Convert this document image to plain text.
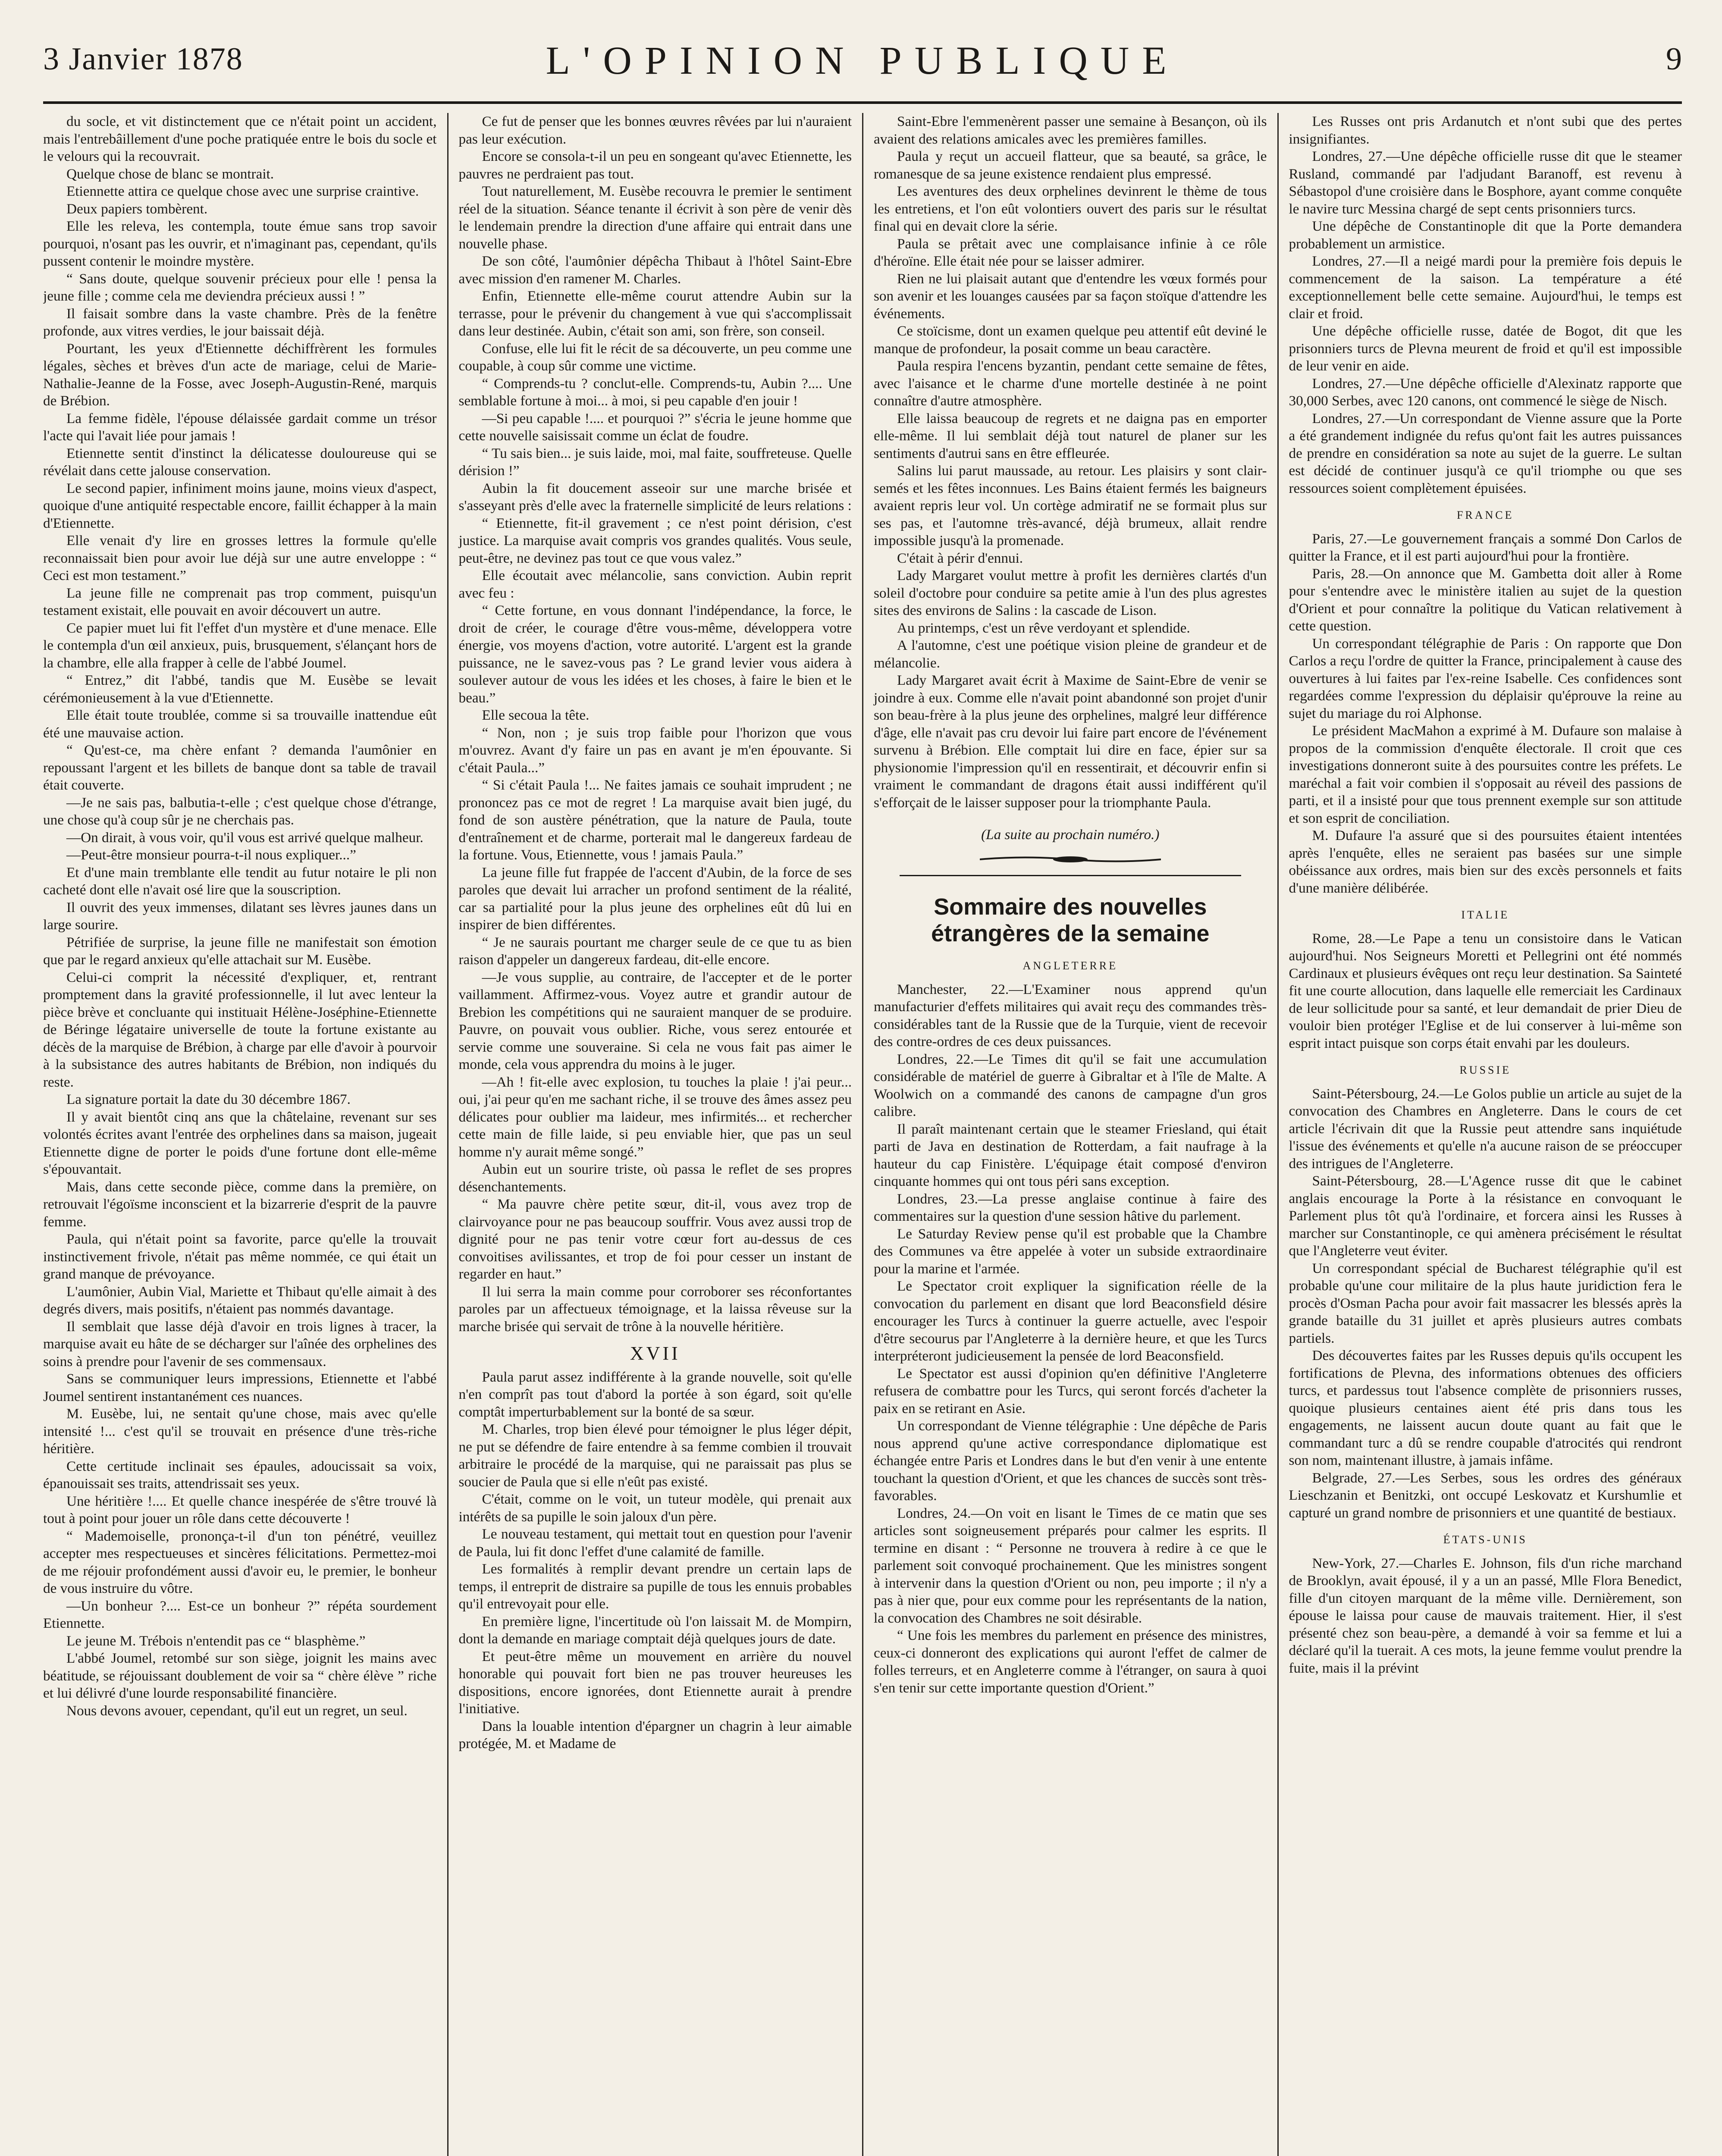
3 Janvier 1878	L'OPINION PUBLIQUE	9

du socle, et vit distinctement que ce n'était point un accident, mais l'entrebâillement d'une poche pratiquée entre le bois du socle et le velours qui la recouvrait.

Quelque chose de blanc se montrait.

Etiennette attira ce quelque chose avec une surprise craintive.

Deux papiers tombèrent.

Elle les releva, les contempla, toute émue sans trop savoir pourquoi, n'osant pas les ouvrir, et n'imaginant pas, cependant, qu'ils pussent contenir le moindre mystère.

“ Sans doute, quelque souvenir précieux pour elle ! pensa la jeune fille ; comme cela me deviendra précieux aussi ! ”

Il faisait sombre dans la vaste chambre. Près de la fenêtre profonde, aux vitres verdies, le jour baissait déjà.

Pourtant, les yeux d'Etiennette déchiffrèrent les formules légales, sèches et brèves d'un acte de mariage, celui de Marie-Nathalie-Jeanne de la Fosse, avec Joseph-Augustin-René, marquis de Brébion.

La femme fidèle, l'épouse délaissée gardait comme un trésor l'acte qui l'avait liée pour jamais !

Etiennette sentit d'instinct la délicatesse douloureuse qui se révélait dans cette jalouse conservation.

Le second papier, infiniment moins jaune, moins vieux d'aspect, quoique d'une antiquité respectable encore, faillit échapper à la main d'Etiennette.

Elle venait d'y lire en grosses lettres la formule qu'elle reconnaissait bien pour avoir lue déjà sur une autre enveloppe : “ Ceci est mon testament.”

La jeune fille ne comprenait pas trop comment, puisqu'un testament existait, elle pouvait en avoir découvert un autre.

Ce papier muet lui fit l'effet d'un mystère et d'une menace. Elle le contempla d'un œil anxieux, puis, brusquement, s'élançant hors de la chambre, elle alla frapper à celle de l'abbé Joumel.

“ Entrez,” dit l'abbé, tandis que M. Eusèbe se levait cérémonieusement à la vue d'Etiennette.

Elle était toute troublée, comme si sa trouvaille inattendue eût été une mauvaise action.

“ Qu'est-ce, ma chère enfant ? demanda l'aumônier en repoussant l'argent et les billets de banque dont sa table de travail était couverte.

—Je ne sais pas, balbutia-t-elle ; c'est quelque chose d'étrange, une chose qu'à coup sûr je ne cherchais pas.

—On dirait, à vous voir, qu'il vous est arrivé quelque malheur.

—Peut-être monsieur pourra-t-il nous expliquer...”

Et d'une main tremblante elle tendit au futur notaire le pli non cacheté dont elle n'avait osé lire que la souscription.

Il ouvrit des yeux immenses, dilatant ses lèvres jaunes dans un large sourire.

Pétrifiée de surprise, la jeune fille ne manifestait son émotion que par le regard anxieux qu'elle attachait sur M. Eusèbe.

Celui-ci comprit la nécessité d'expliquer, et, rentrant promptement dans la gravité professionnelle, il lut avec lenteur la pièce brève et concluante qui instituait Hélène-Joséphine-Etiennette de Béringe légataire universelle de toute la fortune existante au décès de la marquise de Brébion, à charge par elle d'avoir à pourvoir à la subsistance des autres habitants de Brébion, non indiqués du reste.

La signature portait la date du 30 décembre 1867.

Il y avait bientôt cinq ans que la châtelaine, revenant sur ses volontés écrites avant l'entrée des orphelines dans sa maison, jugeait Etiennette digne de porter le poids d'une fortune dont elle-même s'épouvantait.

Mais, dans cette seconde pièce, comme dans la première, on retrouvait l'égoïsme inconscient et la bizarrerie d'esprit de la pauvre femme.

Paula, qui n'était point sa favorite, parce qu'elle la trouvait instinctivement frivole, n'était pas même nommée, ce qui était un grand manque de prévoyance.

L'aumônier, Aubin Vial, Mariette et Thibaut qu'elle aimait à des degrés divers, mais positifs, n'étaient pas nommés davantage.

Il semblait que lasse déjà d'avoir en trois lignes à tracer, la marquise avait eu hâte de se décharger sur l'aînée des orphelines des soins à prendre pour l'avenir de ses commensaux.

Sans se communiquer leurs impressions, Etiennette et l'abbé Joumel sentirent instantanément ces nuances.

M. Eusèbe, lui, ne sentait qu'une chose, mais avec qu'elle intensité !... c'est qu'il se trouvait en présence d'une très-riche héritière.

Cette certitude inclinait ses épaules, adoucissait sa voix, épanouissait ses traits, attendrissait ses yeux.

Une héritière !.... Et quelle chance inespérée de s'être trouvé là tout à point pour jouer un rôle dans cette découverte !

“ Mademoiselle, prononça-t-il d'un ton pénétré, veuillez accepter mes respectueuses et sincères félicitations. Permettez-moi de me réjouir profondément aussi d'avoir eu, le premier, le bonheur de vous instruire du vôtre.

—Un bonheur ?.... Est-ce un bonheur ?” répéta sourdement Etiennette.

Le jeune M. Trébois n'entendit pas ce “ blasphème.”

L'abbé Joumel, retombé sur son siège, joignit les mains avec béatitude, se réjouissant doublement de voir sa “ chère élève ” riche et lui délivré d'une lourde responsabilité financière.

Nous devons avouer, cependant, qu'il eut un regret, un seul.

Ce fut de penser que les bonnes œuvres rêvées par lui n'auraient pas leur exécution.

Encore se consola-t-il un peu en songeant qu'avec Etiennette, les pauvres ne perdraient pas tout.

Tout naturellement, M. Eusèbe recouvra le premier le sentiment réel de la situation. Séance tenante il écrivit à son père de venir dès le lendemain prendre la direction d'une affaire qui entrait dans une nouvelle phase.

De son côté, l'aumônier dépêcha Thibaut à l'hôtel Saint-Ebre avec mission d'en ramener M. Charles.

Enfin, Etiennette elle-même courut attendre Aubin sur la terrasse, pour le prévenir du changement à vue qui s'accomplissait dans leur destinée. Aubin, c'était son ami, son frère, son conseil.

Confuse, elle lui fit le récit de sa découverte, un peu comme une coupable, à coup sûr comme une victime.

“ Comprends-tu ? conclut-elle. Comprends-tu, Aubin ?.... Une semblable fortune à moi... à moi, si peu capable d'en jouir !

—Si peu capable !.... et pourquoi ?” s'écria le jeune homme que cette nouvelle saisissait comme un éclat de foudre.

“ Tu sais bien... je suis laide, moi, mal faite, souffreteuse. Quelle dérision !”

Aubin la fit doucement asseoir sur une marche brisée et s'asseyant près d'elle avec la fraternelle simplicité de leurs relations :

“ Etiennette, fit-il gravement ; ce n'est point dérision, c'est justice. La marquise avait compris vos grandes qualités. Vous seule, peut-être, ne devinez pas tout ce que vous valez.”

Elle écoutait avec mélancolie, sans conviction. Aubin reprit avec feu :

“ Cette fortune, en vous donnant l'indépendance, la force, le droit de créer, le courage d'être vous-même, développera votre énergie, vos moyens d'action, votre autorité. L'argent est la grande puissance, ne le savez-vous pas ? Le grand levier vous aidera à soulever autour de vous les idées et les choses, à faire le bien et le beau.”

Elle secoua la tête.

“ Non, non ; je suis trop faible pour l'horizon que vous m'ouvrez. Avant d'y faire un pas en avant je m'en épouvante. Si c'était Paula...”

“ Si c'était Paula !... Ne faites jamais ce souhait imprudent ; ne prononcez pas ce mot de regret ! La marquise avait bien jugé, du fond de son austère pénétration, que la nature de Paula, toute d'entraînement et de charme, porterait mal le dangereux fardeau de la fortune. Vous, Etiennette, vous ! jamais Paula.”

La jeune fille fut frappée de l'accent d'Aubin, de la force de ses paroles que devait lui arracher un profond sentiment de la réalité, car sa partialité pour la plus jeune des orphelines eût dû lui en inspirer de bien différentes.

“ Je ne saurais pourtant me charger seule de ce que tu as bien raison d'appeler un dangereux fardeau, dit-elle encore.

—Je vous supplie, au contraire, de l'accepter et de le porter vaillamment. Affirmez-vous. Voyez autre et grandir autour de Brebion les compétitions qui ne sauraient manquer de se produire. Pauvre, on pouvait vous oublier. Riche, vous serez entourée et servie comme une souveraine. Si cela ne vous fait pas aimer le monde, cela vous apprendra du moins à le juger.

—Ah ! fit-elle avec explosion, tu touches la plaie ! j'ai peur... oui, j'ai peur qu'en me sachant riche, il se trouve des âmes assez peu délicates pour oublier ma laideur, mes infirmités... et rechercher cette main de fille laide, si peu enviable hier, que pas un seul homme n'y aurait même songé.”

Aubin eut un sourire triste, où passa le reflet de ses propres désenchantements.

“ Ma pauvre chère petite sœur, dit-il, vous avez trop de clairvoyance pour ne pas beaucoup souffrir. Vous avez aussi trop de dignité pour ne pas tenir votre cœur fort au-dessus de ces convoitises avilissantes, et trop de foi pour cesser un instant de regarder en haut.”

Il lui serra la main comme pour corroborer ses réconfortantes paroles par un affectueux témoignage, et la laissa rêveuse sur la marche brisée qui servait de trône à la nouvelle héritière.

XVII

Paula parut assez indifférente à la grande nouvelle, soit qu'elle n'en comprît pas tout d'abord la portée à son égard, soit qu'elle comptât imperturbablement sur la bonté de sa sœur.

M. Charles, trop bien élevé pour témoigner le plus léger dépit, ne put se défendre de faire entendre à sa femme combien il trouvait arbitraire le procédé de la marquise, qui ne paraissait pas plus se soucier de Paula que si elle n'eût pas existé.

C'était, comme on le voit, un tuteur modèle, qui prenait aux intérêts de sa pupille le soin jaloux d'un père.

Le nouveau testament, qui mettait tout en question pour l'avenir de Paula, lui fit donc l'effet d'une calamité de famille.

Les formalités à remplir devant prendre un certain laps de temps, il entreprit de distraire sa pupille de tous les ennuis probables qu'il entrevoyait pour elle.

En première ligne, l'incertitude où l'on laissait M. de Mompirn, dont la demande en mariage comptait déjà quelques jours de date.

Et peut-être même un mouvement en arrière du nouvel honorable qui pouvait fort bien ne pas trouver heureuses les dispositions, encore ignorées, dont Etiennette aurait à prendre l'initiative.

Dans la louable intention d'épargner un chagrin à leur aimable protégée, M. et Madame de

Saint-Ebre l'emmenèrent passer une semaine à Besançon, où ils avaient des relations amicales avec les premières familles.

Paula y reçut un accueil flatteur, que sa beauté, sa grâce, le romanesque de sa jeune existence rendaient plus empressé.

Les aventures des deux orphelines devinrent le thème de tous les entretiens, et l'on eût volontiers ouvert des paris sur le résultat final qui en devait clore la série.

Paula se prêtait avec une complaisance infinie à ce rôle d'héroïne. Elle était née pour se laisser admirer.

Rien ne lui plaisait autant que d'entendre les vœux formés pour son avenir et les louanges causées par sa façon stoïque d'attendre les événements.

Ce stoïcisme, dont un examen quelque peu attentif eût deviné le manque de profondeur, la posait comme un beau caractère.

Paula respira l'encens byzantin, pendant cette semaine de fêtes, avec l'aisance et le charme d'une mortelle destinée à ne point connaître d'autre atmosphère.

Elle laissa beaucoup de regrets et ne daigna pas en emporter elle-même. Il lui semblait déjà tout naturel de planer sur les sentiments d'autrui sans en être effleurée.

Salins lui parut maussade, au retour. Les plaisirs y sont clair-semés et les fêtes inconnues. Les Bains étaient fermés les baigneurs avaient repris leur vol. Un cortège admiratif ne se formait plus sur ses pas, et l'automne très-avancé, déjà brumeux, allait rendre impossible jusqu'à la promenade.

C'était à périr d'ennui.

Lady Margaret voulut mettre à profit les dernières clartés d'un soleil d'octobre pour conduire sa petite amie à l'un des plus agrestes sites des environs de Salins : la cascade de Lison.

Au printemps, c'est un rêve verdoyant et splendide.

A l'automne, c'est une poétique vision pleine de grandeur et de mélancolie.

Lady Margaret avait écrit à Maxime de Saint-Ebre de venir se joindre à eux. Comme elle n'avait point abandonné son projet d'unir son beau-frère à la plus jeune des orphelines, malgré leur différence d'âge, elle n'avait pas cru devoir lui faire part encore de l'événement survenu à Brébion. Elle comptait lui dire en face, épier sur sa physionomie l'impression qu'il en ressentirait, et découvrir enfin si vraiment le commandant de dragons était aussi indifférent qu'il s'efforçait de le laisser supposer pour la triomphante Paula.

(La suite au prochain numéro.)
Sommaire des nouvelles étrangères de la semaine
ANGLETERRE

Manchester, 22.—L'Examiner nous apprend qu'un manufacturier d'effets militaires qui avait reçu des commandes très-considérables tant de la Russie que de la Turquie, vient de recevoir des contre-ordres de ces deux puissances.

Londres, 22.—Le Times dit qu'il se fait une accumulation considérable de matériel de guerre à Gibraltar et à l'île de Malte. A Woolwich on a commandé des canons de campagne d'un gros calibre.

Il paraît maintenant certain que le steamer Friesland, qui était parti de Java en destination de Rotterdam, a fait naufrage à la hauteur du cap Finistère. L'équipage était composé d'environ cinquante hommes qui ont tous péri sans exception.

Londres, 23.—La presse anglaise continue à faire des commentaires sur la question d'une session hâtive du parlement.

Le Saturday Review pense qu'il est probable que la Chambre des Communes va être appelée à voter un subside extraordinaire pour la marine et l'armée.

Le Spectator croit expliquer la signification réelle de la convocation du parlement en disant que lord Beaconsfield désire encourager les Turcs à continuer la guerre actuelle, avec l'espoir d'être secourus par l'Angleterre à la dernière heure, et que les Turcs interpréteront judicieusement la pensée de lord Beaconsfield.

Le Spectator est aussi d'opinion qu'en définitive l'Angleterre refusera de combattre pour les Turcs, qui seront forcés d'acheter la paix en se retirant en Asie.

Un correspondant de Vienne télégraphie : Une dépêche de Paris nous apprend qu'une active correspondance diplomatique est échangée entre Paris et Londres dans le but d'en venir à une entente touchant la question d'Orient, et que les chances de succès sont très-favorables.

Londres, 24.—On voit en lisant le Times de ce matin que ses articles sont soigneusement préparés pour calmer les esprits. Il termine en disant : “ Personne ne trouvera à redire à ce que le parlement soit convoqué prochainement. Que les ministres songent à intervenir dans la question d'Orient ou non, peu importe ; il n'y a pas à nier que, pour eux comme pour les représentants de la nation, la convocation des Chambres ne soit désirable.

“ Une fois les membres du parlement en présence des ministres, ceux-ci donneront des explications qui auront l'effet de calmer de folles terreurs, et en Angleterre comme à l'étranger, on saura à quoi s'en tenir sur cette importante question d'Orient.”

Les Russes ont pris Ardanutch et n'ont subi que des pertes insignifiantes.

Londres, 27.—Une dépêche officielle russe dit que le steamer Rusland, commandé par l'adjudant Baranoff, est revenu à Sébastopol d'une croisière dans le Bosphore, ayant comme conquête le navire turc Messina chargé de sept cents prisonniers turcs.

Une dépêche de Constantinople dit que la Porte demandera probablement un armistice.

Londres, 27.—Il a neigé mardi pour la première fois depuis le commencement de la saison. La température a été exceptionnellement belle cette semaine. Aujourd'hui, le temps est clair et froid.

Une dépêche officielle russe, datée de Bogot, dit que les prisonniers turcs de Plevna meurent de froid et qu'il est impossible de leur venir en aide.

Londres, 27.—Une dépêche officielle d'Alexinatz rapporte que 30,000 Serbes, avec 120 canons, ont commencé le siège de Nisch.

Londres, 27.—Un correspondant de Vienne assure que la Porte a été grandement indignée du refus qu'ont fait les autres puissances de prendre en considération sa note au sujet de la guerre. Le sultan est décidé de continuer jusqu'à ce qu'il triomphe ou que ses ressources soient complètement épuisées.

FRANCE

Paris, 27.—Le gouvernement français a sommé Don Carlos de quitter la France, et il est parti aujourd'hui pour la frontière.

Paris, 28.—On annonce que M. Gambetta doit aller à Rome pour s'entendre avec le ministère italien au sujet de la question d'Orient et pour connaître la politique du Vatican relativement à cette question.

Un correspondant télégraphie de Paris : On rapporte que Don Carlos a reçu l'ordre de quitter la France, principalement à cause des ouvertures à lui faites par l'ex-reine Isabelle. Ces confidences sont regardées comme l'expression du déplaisir qu'éprouve la reine au sujet du mariage du roi Alphonse.

Le président MacMahon a exprimé à M. Dufaure son malaise à propos de la commission d'enquête électorale. Il croit que ces investigations donneront suite à des poursuites contre les préfets. Le maréchal a fait voir combien il s'opposait au réveil des passions de parti, et il a insisté pour que tous prennent exemple sur son attitude et son esprit de conciliation.

M. Dufaure l'a assuré que si des poursuites étaient intentées après l'enquête, elles ne seraient pas basées sur une simple obéissance aux ordres, mais bien sur des excès personnels et faits d'une manière délibérée.

ITALIE

Rome, 28.—Le Pape a tenu un consistoire dans le Vatican aujourd'hui. Nos Seigneurs Moretti et Pellegrini ont été nommés Cardinaux et plusieurs évêques ont reçu leur destination. Sa Sainteté fit une courte allocution, dans laquelle elle remerciait les Cardinaux de leur sollicitude pour sa santé, et leur demandait de prier Dieu de vouloir bien protéger l'Eglise et de lui conserver à lui-même son esprit intact puisque son corps était envahi par les douleurs.

RUSSIE

Saint-Pétersbourg, 24.—Le Golos publie un article au sujet de la convocation des Chambres en Angleterre. Dans le cours de cet article l'écrivain dit que la Russie peut attendre sans inquiétude l'issue des événements et qu'elle n'a aucune raison de se préoccuper des intrigues de l'Angleterre.

Saint-Pétersbourg, 28.—L'Agence russe dit que le cabinet anglais encourage la Porte à la résistance en convoquant le Parlement plus tôt qu'à l'ordinaire, et forcera ainsi les Russes à marcher sur Constantinople, ce qui amènera précisément le résultat que l'Angleterre veut éviter.

Un correspondant spécial de Bucharest télégraphie qu'il est probable qu'une cour militaire de la plus haute juridiction fera le procès d'Osman Pacha pour avoir fait massacrer les blessés après la grande bataille du 31 juillet et après plusieurs autres combats partiels.

Des découvertes faites par les Russes depuis qu'ils occupent les fortifications de Plevna, des informations obtenues des officiers turcs, et pardessus tout l'absence complète de prisonniers russes, quoique plusieurs centaines aient été pris dans tous les engagements, ne laissent aucun doute quant au fait que le commandant turc a dû se rendre coupable d'atrocités qui rendront son nom, maintenant illustre, à jamais infâme.

Belgrade, 27.—Les Serbes, sous les ordres des généraux Lieschzanin et Benitzki, ont occupé Leskovatz et Kurshumlie et capturé un grand nombre de prisonniers et une quantité de bestiaux.

ÉTATS-UNIS

New-York, 27.—Charles E. Johnson, fils d'un riche marchand de Brooklyn, avait épousé, il y a un an passé, Mlle Flora Benedict, fille d'un citoyen marquant de la même ville. Dernièrement, son épouse le laissa pour cause de mauvais traitement. Hier, il s'est présenté chez son beau-père, a demandé à voir sa femme et lui a déclaré qu'il la tuerait. A ces mots, la jeune femme voulut prendre la fuite, mais il la prévint
